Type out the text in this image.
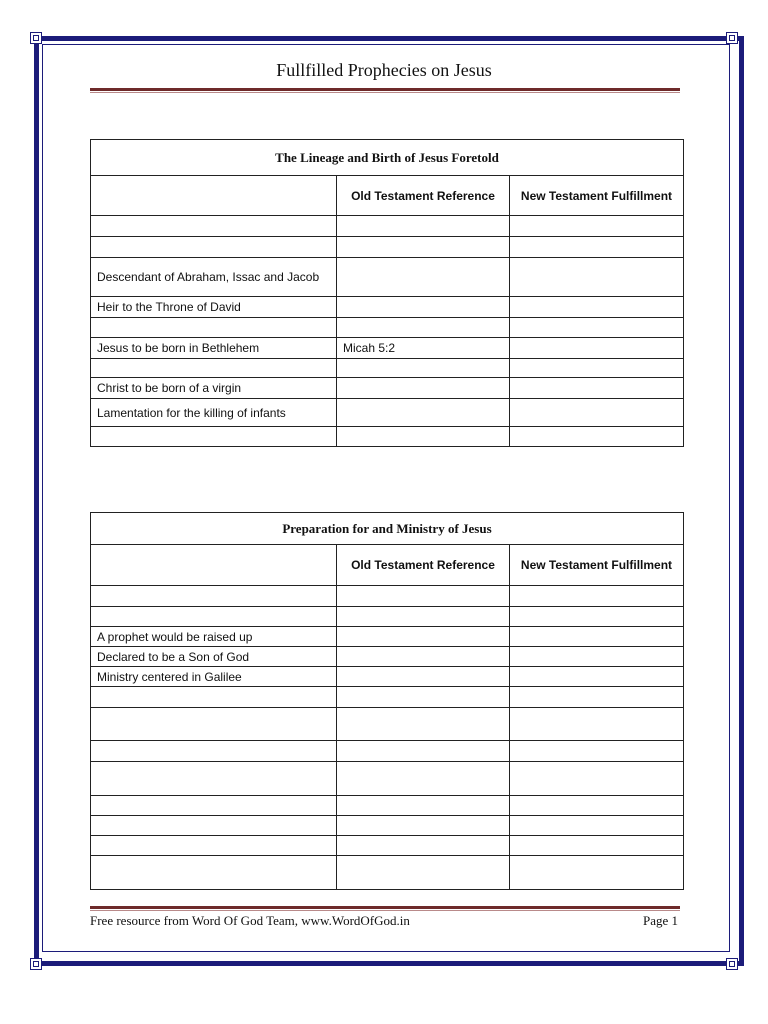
Fullfilled Prophecies on Jesus
The Lineage and Birth of Jesus Foretold		
	Old Testament Reference	New Testament Fulfillment

Descendant of Abraham, Issac and Jacob		
Heir to the Throne of David		

Jesus to be born in Bethlehem	Micah 5:2	

Christ to be born of a virgin		
Lamentation for the killing of infants		

Preparation for and Ministry of Jesus		
	Old Testament Reference	New Testament Fulfillment

A prophet would be raised up		
Declared to be a Son of God		
Ministry centered in Galilee		

Free resource from Word Of God Team, www.WordOfGod.in	Page 1
